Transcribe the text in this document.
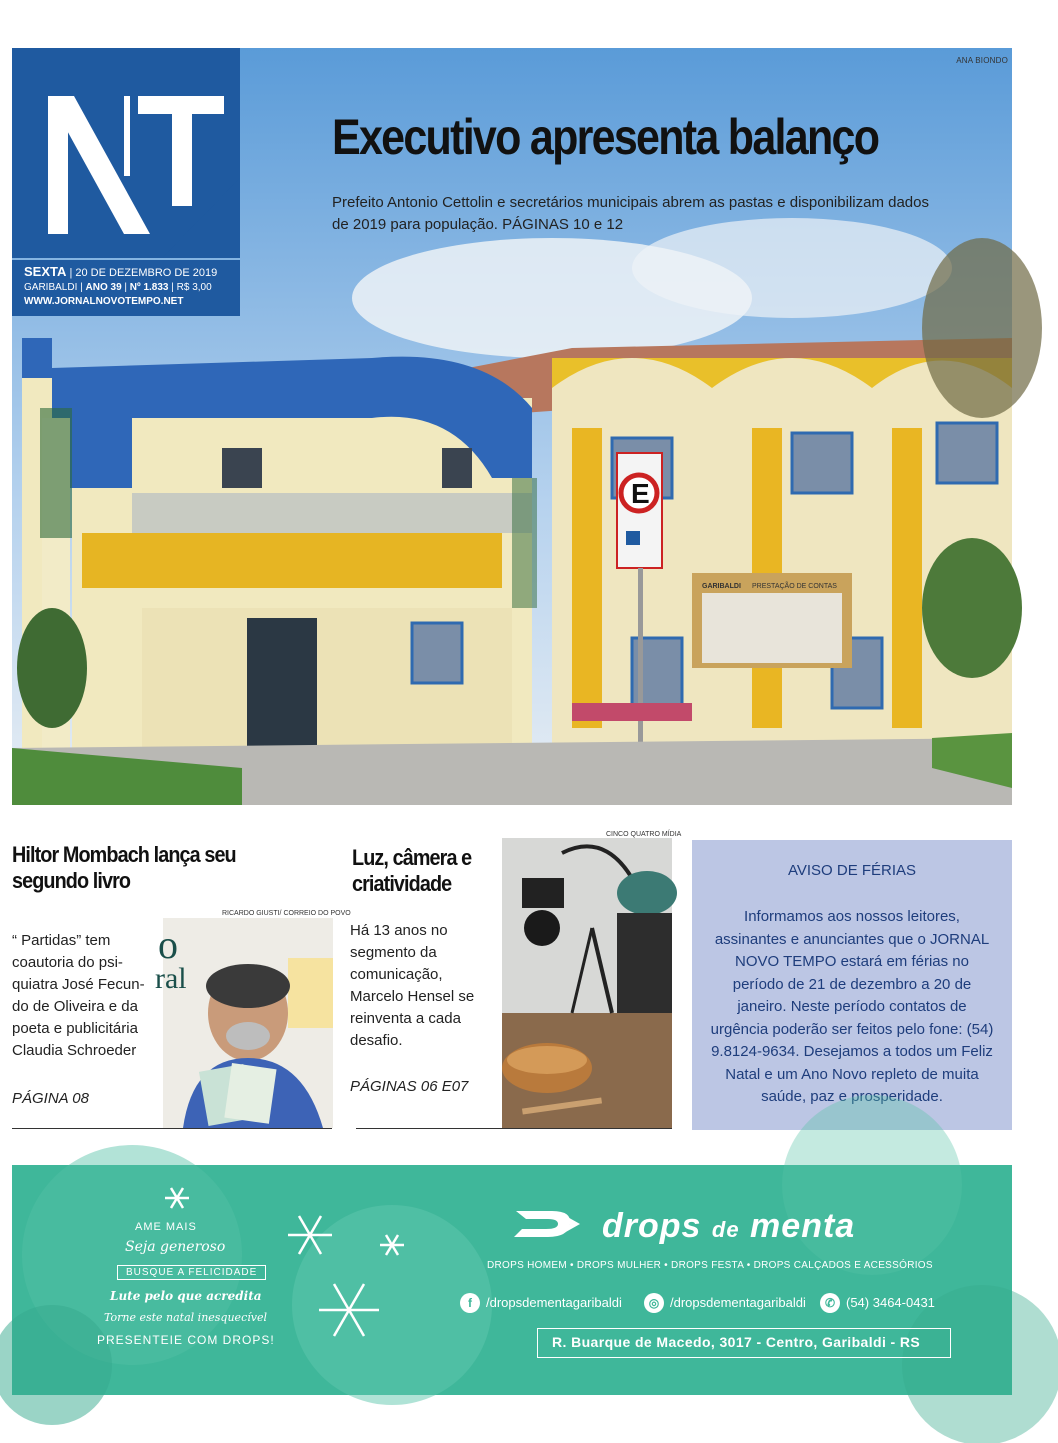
E
PRESTAÇÃO DE CONTAS
GARIBALDI
ANA BIONDO
SEXTA | 20 DE DEZEMBRO DE 2019
GARIBALDI | ANO 39 | Nº 1.833 | R$ 3,00
WWW.JORNALNOVOTEMPO.NET
Executivo apresenta balanço
Prefeito Antonio Cettolin e secretários municipais abrem as pastas e disponibilizam dados de 2019 para população. PÁGINAS 10 e 12
Hiltor Mombach lança seu segundo livro
RICARDO GIUSTI/ CORREIO DO POVO
“ Partidas” tem coautoria do psi-quiatra José Fecun-do de Oliveira e da poeta e publicitária Claudia Schroeder
o
ral
PÁGINA 08
CINCO QUATRO MÍDIA
Luz, câmera e criatividade
Há 13 anos no segmento da comunicação, Marcelo Hensel se reinventa a cada desafio.
PÁGINAS 06 E07
AVISO DE FÉRIAS
Informamos aos nossos leitores, assinantes e anunciantes que o JORNAL NOVO TEMPO estará em férias no período de 21 de dezembro a 20 de janeiro. Neste período contatos de urgência poderão ser feitos pelo fone: (54) 9.8124-9634. Desejamos a todos um Feliz Natal e um Ano Novo repleto de muita saúde, paz e prosperidade.
AME MAIS
Seja generoso
BUSQUE A FELICIDADE
Lute pelo que acredita
Torne este natal inesquecível
PRESENTEIE COM DROPS!
drops de menta
DROPS HOMEM • DROPS MULHER • DROPS FESTA • DROPS CALÇADOS E ACESSÓRIOS
f	/dropsdementagaribaldi	◎ /dropsdementagaribaldi	✆ (54) 3464-0431
R. Buarque de Macedo, 3017 - Centro, Garibaldi - RS
